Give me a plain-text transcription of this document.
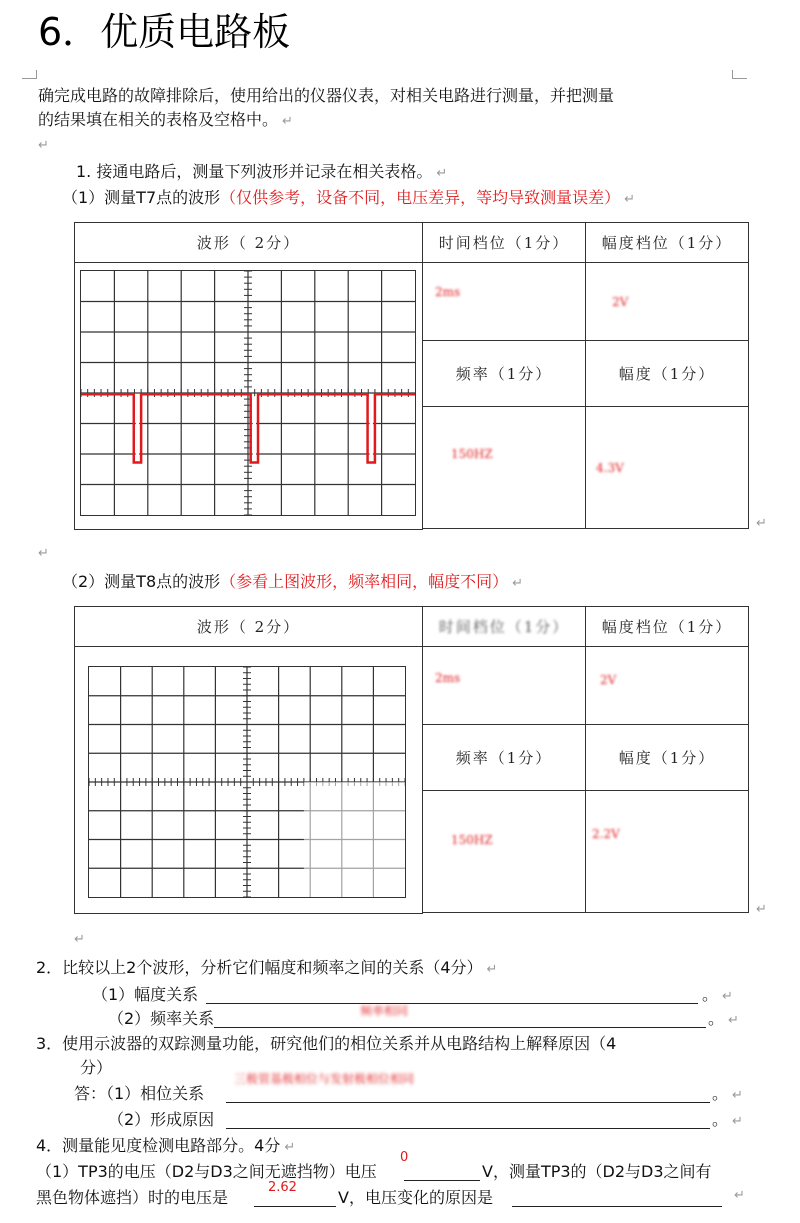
6．优质电路板
确完成电路的故障排除后，使用给出的仪器仪表，对相关电路进行测量，并把测量
的结果填在相关的表格及空格中。 ↵
↵
1. 接通电路后，测量下列波形并记录在相关表格。 ↵
（1）测量T7点的波形（仅供参考，设备不同，电压差异，等均导致测量误差） ↵
波形（ 2分）	时间档位（1分）	幅度档位（1分）
	2ms	2V
	频率（1分）	幅度（1分）
	150HZ	4.3V

↵
↵
（2）测量T8点的波形（参看上图波形，频率相同，幅度不同） ↵
波形（ 2分）	时间档位（1分）	幅度档位（1分）
	2ms	2V
	频率（1分）	幅度（1分）
	150HZ	2.2V

↵
↵
2．比较以上2个波形，分析它们幅度和频率之间的关系（4分） ↵
（1）幅度关系	。 ↵
（2）频率关系	频率相同	。 ↵
3．使用示波器的双踪测量功能，研究他们的相位关系并从电路结构上解释原因（4
分）
答：（1）相位关系
三极管基极相位与发射极相位相同
。 ↵
（2）形成原因	。 ↵
4．测量能见度检测电路部分。4分 ↵
（1）TP3的电压（D2与D3之间无遮挡物）电压
0
V，测量TP3的（D2与D3之间有
黑色物体遮挡）时的电压是
2.62
V，电压变化的原因是	↵
